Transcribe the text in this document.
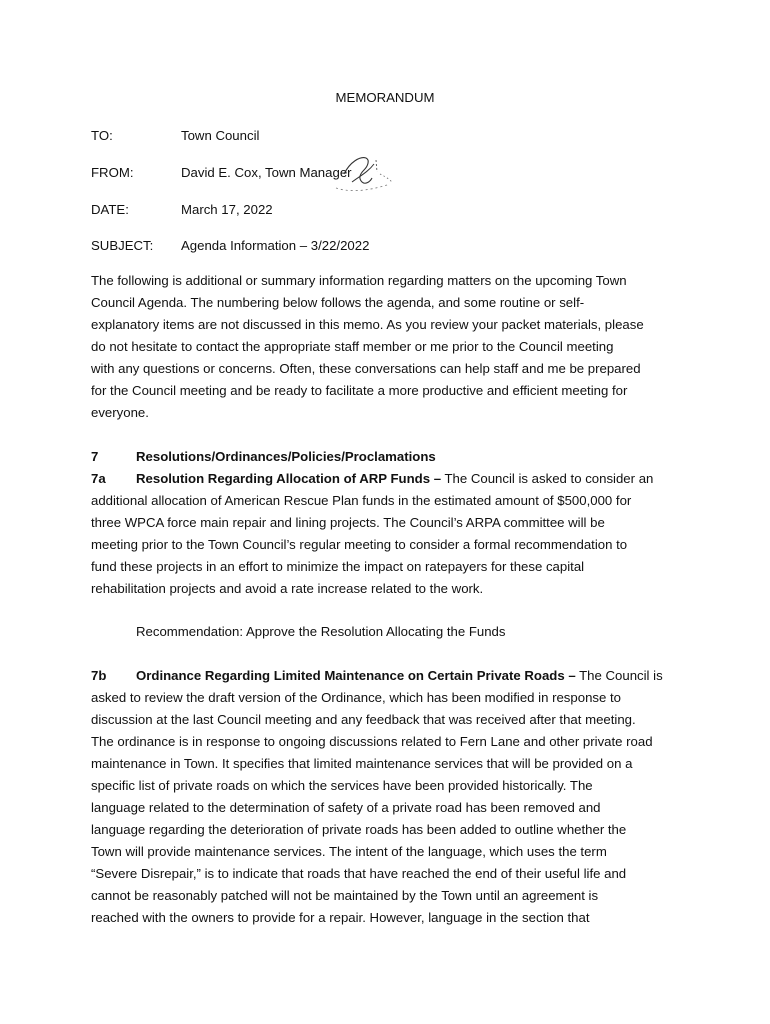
MEMORANDUM
TO:	Town Council
FROM:	David E. Cox, Town Manager
DATE:	March 17, 2022
SUBJECT: Agenda Information – 3/22/2022
The following is additional or summary information regarding matters on the upcoming Town
Council Agenda. The numbering below follows the agenda, and some routine or self-
explanatory items are not discussed in this memo. As you review your packet materials, please
do not hesitate to contact the appropriate staff member or me prior to the Council meeting
with any questions or concerns. Often, these conversations can help staff and me be prepared
for the Council meeting and be ready to facilitate a more productive and efficient meeting for
everyone.
7	Resolutions/Ordinances/Policies/Proclamations
7a Resolution Regarding Allocation of ARP Funds – The Council is asked to consider an
additional allocation of American Rescue Plan funds in the estimated amount of $500,000 for
three WPCA force main repair and lining projects. The Council’s ARPA committee will be
meeting prior to the Town Council’s regular meeting to consider a formal recommendation to
fund these projects in an effort to minimize the impact on ratepayers for these capital
rehabilitation projects and avoid a rate increase related to the work.
Recommendation: Approve the Resolution Allocating the Funds
7b Ordinance Regarding Limited Maintenance on Certain Private Roads – The Council is
asked to review the draft version of the Ordinance, which has been modified in response to
discussion at the last Council meeting and any feedback that was received after that meeting.
The ordinance is in response to ongoing discussions related to Fern Lane and other private road
maintenance in Town. It specifies that limited maintenance services that will be provided on a
specific list of private roads on which the services have been provided historically. The
language related to the determination of safety of a private road has been removed and
language regarding the deterioration of private roads has been added to outline whether the
Town will provide maintenance services. The intent of the language, which uses the term
“Severe Disrepair,” is to indicate that roads that have reached the end of their useful life and
cannot be reasonably patched will not be maintained by the Town until an agreement is
reached with the owners to provide for a repair. However, language in the section that
